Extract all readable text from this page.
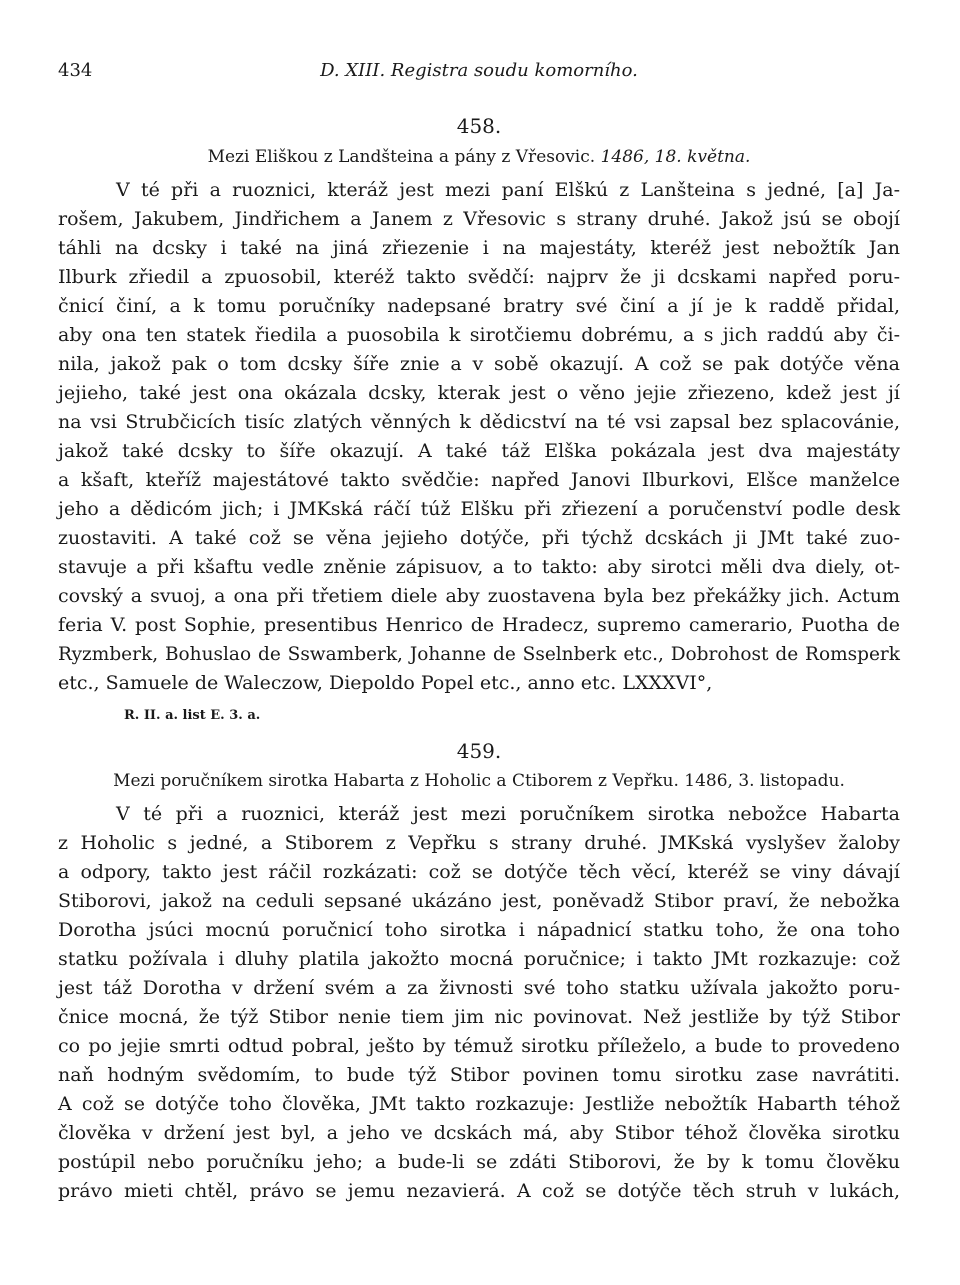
434	D. XIII. Registra soudu komorního.
458.
Mezi Eliškou z Landšteina a pány z Vřesovic. 1486, 18. května.
V té při a ruoznici, kteráž jest mezi paní Elškú z Lanšteina s jedné, [a] Ja-
rošem, Jakubem, Jindřichem a Janem z Vřesovic s strany druhé. Jakož jsú se obojí
táhli na dcsky i také na jiná zřiezenie i na majestáty, kteréž jest nebožtík Jan
Ilburk zřiedil a zpuosobil, kteréž takto svědčí: najprv že ji dcskami napřed poru-
čnicí činí, a k tomu poručníky nadepsané bratry své činí a jí je k raddě přidal,
aby ona ten statek řiedila a puosobila k sirotčiemu dobrému, a s jich raddú aby či-
nila, jakož pak o tom dcsky šíře znie a v sobě okazují. A což se pak dotýče věna
jejieho, také jest ona okázala dcsky, kterak jest o věno jejie zřiezeno, kdež jest jí
na vsi Strubčicích tisíc zlatých věnných k dědicství na té vsi zapsal bez splacovánie,
jakož také dcsky to šíře okazují. A také táž Elška pokázala jest dva majestáty
a kšaft, kteříž majestátové takto svědčie: napřed Janovi Ilburkovi, Elšce manželce
jeho a dědicóm jich; i JMKská ráčí túž Elšku při zřiezení a poručenství podle desk
zuostaviti. A také což se věna jejieho dotýče, při týchž dcskách ji JMt také zuo-
stavuje a při kšaftu vedle zněnie zápisuov, a to takto: aby sirotci měli dva diely, ot-
covský a svuoj, a ona při třetiem diele aby zuostavena byla bez překážky jich. Actum
feria V. post Sophie, presentibus Henrico de Hradecz, supremo camerario, Puotha de
Ryzmberk, Bohuslao de Sswamberk, Johanne de Sselnberk etc., Dobrohost de Romsperk
etc., Samuele de Waleczow, Diepoldo Popel etc., anno etc. LXXXVI°,
R. II. a. list E. 3. a.
459.
Mezi poručníkem sirotka Habarta z Hoholic a Ctiborem z Vepřku. 1486, 3. listopadu.
V té při a ruoznici, kteráž jest mezi poručníkem sirotka nebožce Habarta
z Hoholic s jedné, a Stiborem z Vepřku s strany druhé. JMKská vyslyšev žaloby
a odpory, takto jest ráčil rozkázati: což se dotýče těch věcí, kteréž se viny dávají
Stiborovi, jakož na ceduli sepsané ukázáno jest, poněvadž Stibor praví, že nebožka
Dorotha jsúci mocnú poručnicí toho sirotka i nápadnicí statku toho, že ona toho
statku požívala i dluhy platila jakožto mocná poručnice; i takto JMt rozkazuje: což
jest táž Dorotha v držení svém a za živnosti své toho statku užívala jakožto poru-
čnice mocná, že týž Stibor nenie tiem jim nic povinovat. Než jestliže by týž Stibor
co po jejie smrti odtud pobral, ješto by témuž sirotku příleželo, a bude to provedeno
naň hodným svědomím, to bude týž Stibor povinen tomu sirotku zase navrátiti.
A což se dotýče toho člověka, JMt takto rozkazuje: Jestliže nebožtík Habarth téhož
člověka v držení jest byl, a jeho ve dcskách má, aby Stibor téhož člověka sirotku
postúpil nebo poručníku jeho; a bude-li se zdáti Stiborovi, že by k tomu člověku
právo mieti chtěl, právo se jemu nezavierá. A což se dotýče těch struh v lukách,
